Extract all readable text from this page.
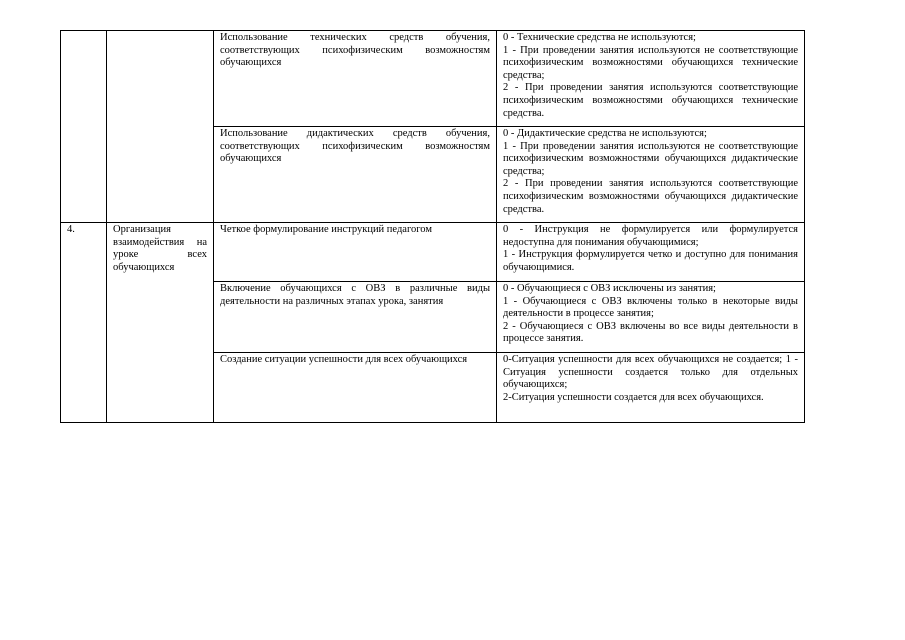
		Использование технических средств обучения, соответствующих психофизическим возможностям обучающихся	0 - Технические средства не используются;
1 - При проведении занятия используются не соответствующие психофизическим возможностями обучающихся технические средства;
2 - При проведении занятия используются соответствующие психофизическим возможностями обучающихся технические средства.

		Использование дидактических средств обучения, соответствующих психофизическим возможностям обучающихся	0 - Дидактические средства не используются;
1 - При проведении занятия используются не соответствующие психофизическим возможностями обучающихся дидактические средства;
2 - При проведении занятия используются соответствующие психофизическим возможностями обучающихся дидактические средства.

4.	Организация взаимодействия на уроке всех обучающихся	Четкое формулирование инструкций педагогом	0 - Инструкция не формулируется или формулируется недоступна для понимания обучающимися;
1 - Инструкция формулируется четко и доступно для понимания обучающимися.

		Включение обучающихся с ОВЗ в различные виды деятельности на различных этапах урока, занятия	0 - Обучающиеся с ОВЗ исключены из занятия;
1 - Обучающиеся с ОВЗ включены только в некоторые виды деятельности в процессе занятия;
2 - Обучающиеся с ОВЗ включены во все виды деятельности в процессе занятия.

		Создание ситуации успешности для всех обучающихся	0-Ситуация успешности для всех обучающихся не создается; 1 - Ситуация успешности создается только для отдельных обучающихся;
2-Ситуация успешности создается для всех обучающихся.
